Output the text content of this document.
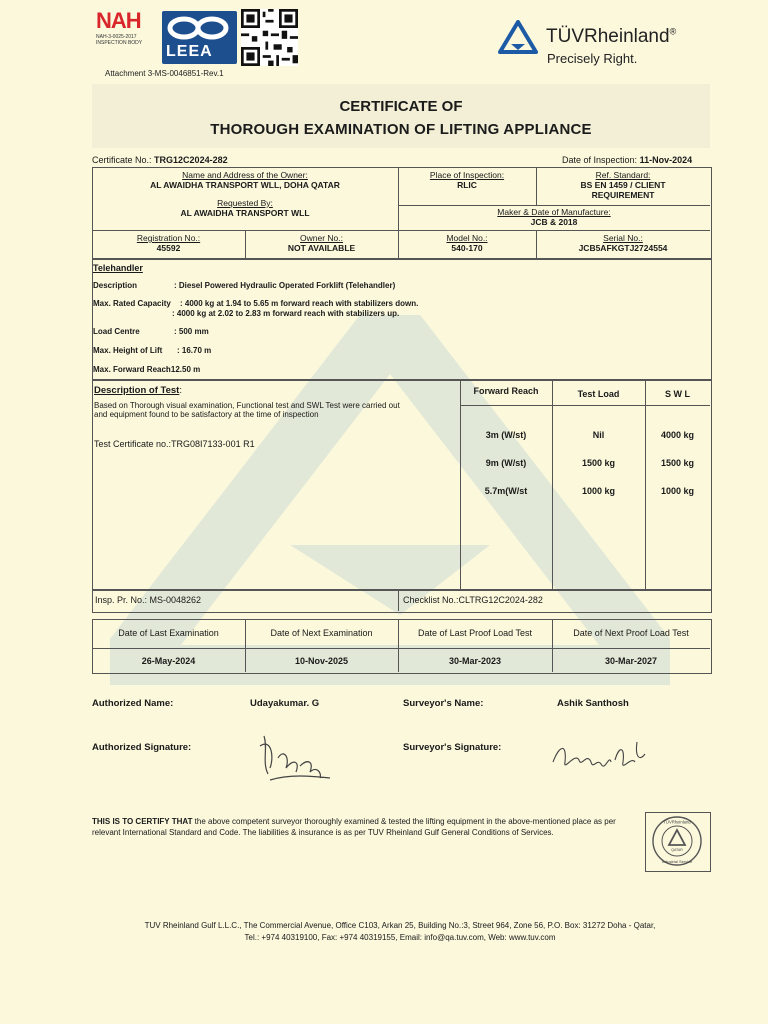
NAH
NAH-3-0025-2017
INSPECTION BODY	LEEA
Attachment 3-MS-0046851-Rev.1
TÜVRheinland®
Precisely Right.
CERTIFICATE OF
THOROUGH EXAMINATION OF LIFTING APPLIANCE
Certificate No.: TRG12C2024-282	Date of Inspection: 11-Nov-2024
Name and Address of the Owner:
AL AWAIDHA TRANSPORT WLL, DOHA QATAR
Requested By:
AL AWAIDHA TRANSPORT WLL
Place of Inspection:
RLIC
Ref. Standard:
BS EN 1459 / CLIENT
REQUIREMENT
Maker & Date of Manufacture:
JCB & 2018
Registration No.:
45592
Owner No.:
NOT AVAILABLE
Model No.:
540-170
Serial No.:
JCB5AFKGTJ2724554
Telehandler
Description	: Diesel Powered Hydraulic Operated Forklift (Telehandler)
Max. Rated Capacity : 4000 kg at 1.94 to 5.65 m forward reach with stabilizers down.
: 4000 kg at 2.02 to 2.83 m forward reach with stabilizers up.
Load Centre	: 500 mm
Max. Height of Lift : 16.70 m
Max. Forward Reach
: 12.50 m
Description of Test:
Based on Thorough visual examination, Functional test and SWL Test were carried out
and equipment found to be satisfactory at the time of inspection
Test Certificate no.:TRG08I7133-001 R1
Forward Reach	Test Load	S W L
3m (W/st)	Nil	4000 kg
9m (W/st)	1500 kg	1500 kg
5.7m(W/st	1000 kg	1000 kg
Insp. Pr. No.: MS-0048262	Checklist No.:CLTRG12C2024-282
Date of Last Examination	Date of Next Examination	Date of Last Proof Load Test	Date of Next Proof Load Test
26-May-2024	10-Nov-2025	30-Mar-2023	30-Mar-2027
Authorized Name:	Udayakumar. G	Surveyor's Name:	Ashik Santhosh
Authorized Signature:	Surveyor's Signature:
THIS IS TO CERTIFY THAT the above competent surveyor thoroughly examined & tested the lifting equipment in the above-mentioned place as per relevant International Standard and Code. The liabilities & insurance is as per TUV Rheinland Gulf General Conditions of Services.
TÜVRheinland
Industrial Service
QATAR
TUV Rheinland Gulf L.L.C., The Commercial Avenue, Office C103, Arkan 25, Building No.:3, Street 964, Zone 56, P.O. Box: 31272 Doha - Qatar,
Tel.: +974 40319100, Fax: +974 40319155, Email: info@qa.tuv.com, Web: www.tuv.com
